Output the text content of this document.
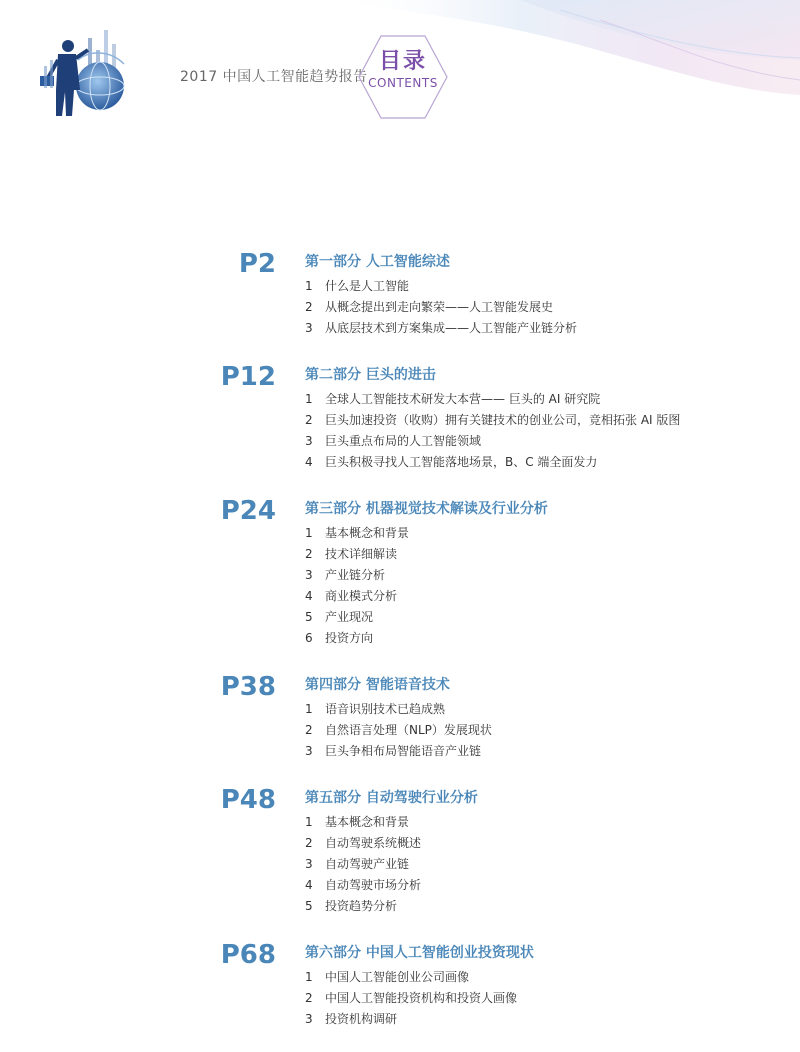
2017 中国人工智能趋势报告
目录
CONTENTS
P2 第一部分 人工智能综述
1 什么是人工智能
2 从概念提出到走向繁荣——人工智能发展史
3 从底层技术到方案集成——人工智能产业链分析
P12 第二部分 巨头的进击
1 全球人工智能技术研发大本营—— 巨头的 AI 研究院
2 巨头加速投资（收购）拥有关键技术的创业公司，竞相拓张 AI 版图
3 巨头重点布局的人工智能领域
4 巨头积极寻找人工智能落地场景，B、C 端全面发力
P24 第三部分 机器视觉技术解读及行业分析
1 基本概念和背景
2 技术详细解读
3 产业链分析
4 商业模式分析
5 产业现况
6 投资方向
P38 第四部分 智能语音技术
1 语音识别技术已趋成熟
2 自然语言处理（NLP）发展现状
3 巨头争相布局智能语音产业链
P48 第五部分 自动驾驶行业分析
1 基本概念和背景
2 自动驾驶系统概述
3 自动驾驶产业链
4 自动驾驶市场分析
5 投资趋势分析
P68 第六部分 中国人工智能创业投资现状
1 中国人工智能创业公司画像
2 中国人工智能投资机构和投资人画像
3 投资机构调研
